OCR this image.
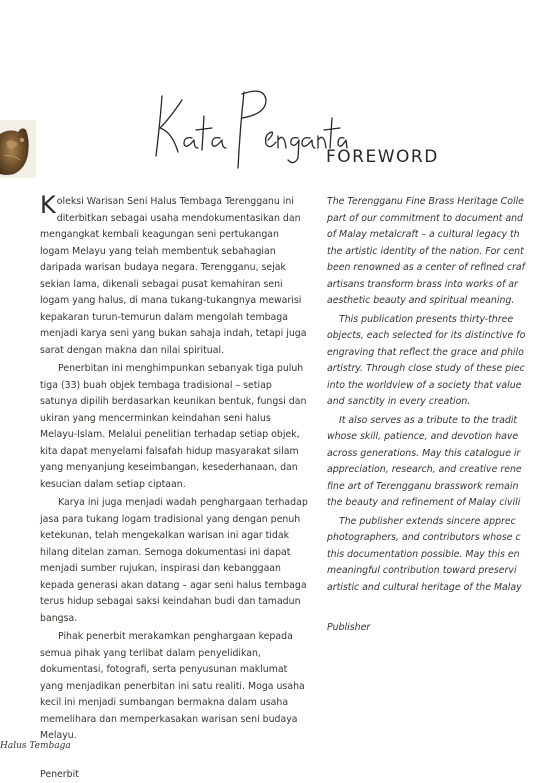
FOREWORD

Koleksi Warisan Seni Halus Tembaga Terengganu ini diterbitkan sebagai usaha mendokumentasikan dan mengangkat kembali keagungan seni pertukangan logam Melayu yang telah membentuk sebahagian daripada warisan budaya negara. Terengganu, sejak sekian lama, dikenali sebagai pusat kemahiran seni logam yang halus, di mana tukang-tukangnya mewarisi kepakaran turun-temurun dalam mengolah tembaga menjadi karya seni yang bukan sahaja indah, tetapi juga sarat dengan makna dan nilai spiritual.

Penerbitan ini menghimpunkan sebanyak tiga puluh tiga (33) buah objek tembaga tradisional – setiap satunya dipilih berdasarkan keunikan bentuk, fungsi dan ukiran yang mencerminkan keindahan seni halus Melayu-Islam. Melalui penelitian terhadap setiap objek, kita dapat menyelami falsafah hidup masyarakat silam yang menyanjung keseimbangan, kesederhanaan, dan kesucian dalam setiap ciptaan.

Karya ini juga menjadi wadah penghargaan terhadap jasa para tukang logam tradisional yang dengan penuh ketekunan, telah mengekalkan warisan ini agar tidak hilang ditelan zaman. Semoga dokumentasi ini dapat menjadi sumber rujukan, inspirasi dan kebanggaan kepada generasi akan datang – agar seni halus tembaga terus hidup sebagai saksi keindahan budi dan tamadun bangsa.

Pihak penerbit merakamkan penghargaan kepada semua pihak yang terlibat dalam penyelidikan, dokumentasi, fotografi, serta penyusunan maklumat yang menjadikan penerbitan ini satu realiti. Moga usaha kecil ini menjadi sumbangan bermakna dalam usaha memelihara dan memperkasakan warisan seni budaya Melayu.

Penerbit

The Terengganu Fine Brass Heritage Colle
part of our commitment to document and
of Malay metalcraft – a cultural legacy th
the artistic identity of the nation. For cent
been renowned as a center of refined craf
artisans transform brass into works of ar
aesthetic beauty and spiritual meaning.

This publication presents thirty-three
objects, each selected for its distinctive fo
engraving that reflect the grace and philo
artistry. Through close study of these piec
into the worldview of a society that value
and sanctity in every creation.

It also serves as a tribute to the tradit
whose skill, patience, and devotion have
across generations. May this catalogue ir
appreciation, research, and creative rene
fine art of Terengganu brasswork remain
the beauty and refinement of Malay civili

The publisher extends sincere apprec
photographers, and contributors whose c
this documentation possible. May this en
meaningful contribution toward preservi
artistic and cultural heritage of the Malay

Publisher

Halus Tembaga
